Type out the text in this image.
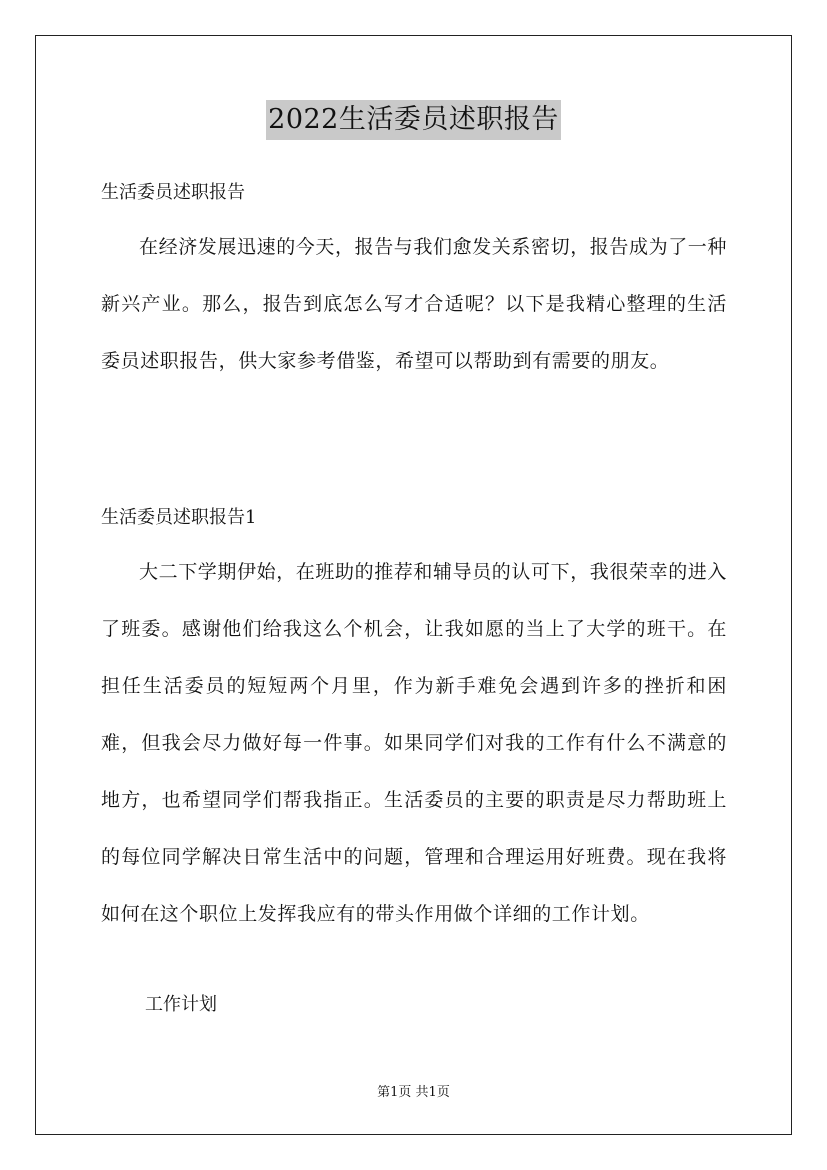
2022生活委员述职报告
生活委员述职报告

在经济发展迅速的今天，报告与我们愈发关系密切，报告成为了一种新兴产业。那么，报告到底怎么写才合适呢？以下是我精心整理的生活委员述职报告，供大家参考借鉴，希望可以帮助到有需要的朋友。

生活委员述职报告1

大二下学期伊始，在班助的推荐和辅导员的认可下，我很荣幸的进入了班委。感谢他们给我这么个机会，让我如愿的当上了大学的班干。在担任生活委员的短短两个月里，作为新手难免会遇到许多的挫折和困难，但我会尽力做好每一件事。如果同学们对我的工作有什么不满意的地方，也希望同学们帮我指正。生活委员的主要的职责是尽力帮助班上的每位同学解决日常生活中的问题，管理和合理运用好班费。现在我将如何在这个职位上发挥我应有的带头作用做个详细的工作计划。

工作计划
第1页 共1页
